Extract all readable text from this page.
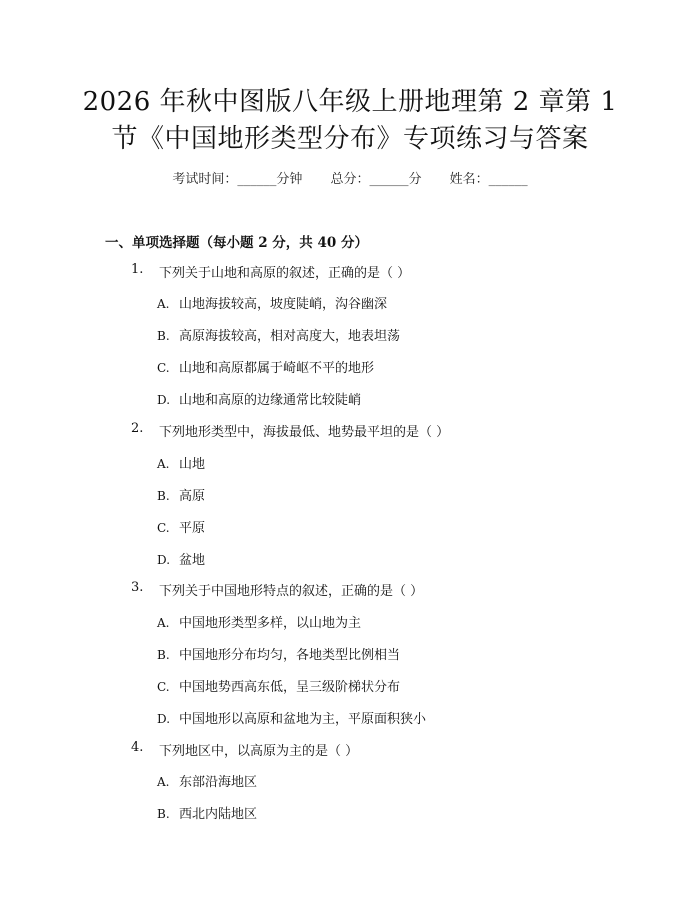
2026 年秋中图版八年级上册地理第 2 章第 1
节《中国地形类型分布》专项练习与答案
考试时间：______分钟 总分：______分 姓名：______
一、单项选择题（每小题 2 分，共 40 分）
1. 下列关于山地和高原的叙述，正确的是（ ）
A. 山地海拔较高，坡度陡峭，沟谷幽深
B. 高原海拔较高，相对高度大，地表坦荡
C. 山地和高原都属于崎岖不平的地形
D. 山地和高原的边缘通常比较陡峭
2. 下列地形类型中，海拔最低、地势最平坦的是（ ）
A. 山地
B. 高原
C. 平原
D. 盆地
3. 下列关于中国地形特点的叙述，正确的是（ ）
A. 中国地形类型多样，以山地为主
B. 中国地形分布均匀，各地类型比例相当
C. 中国地势西高东低，呈三级阶梯状分布
D. 中国地形以高原和盆地为主，平原面积狭小
4. 下列地区中，以高原为主的是（ ）
A. 东部沿海地区
B. 西北内陆地区
